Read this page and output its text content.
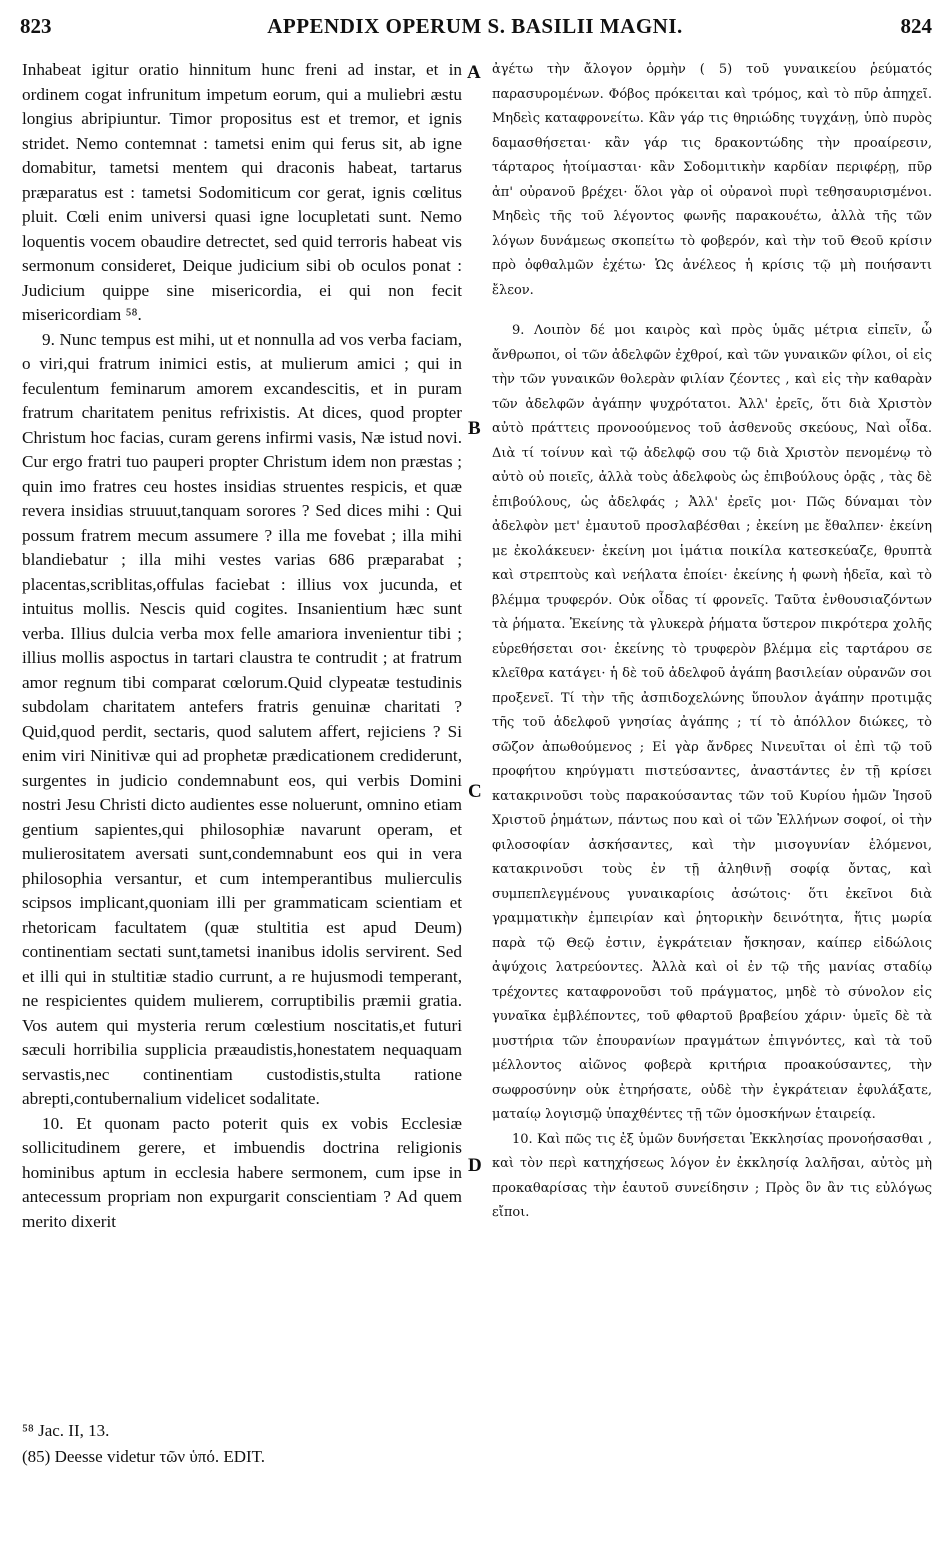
823	APPENDIX OPERUM S. BASILII MAGNI.	824

Inhabeat igitur oratio hinnitum hunc freni ad instar, et in ordinem cogat infrunitum impetum eorum, qui a muliebri æstu longius abripiuntur. Timor propositus est et tremor, et ignis stridet. Nemo contemnat : tametsi enim qui ferus sit, ab igne domabitur, tametsi mentem qui draconis habeat, tartarus præparatus est : tametsi Sodomiticum cor gerat, ignis cœlitus pluit. Cœli enim universi quasi igne locupletati sunt. Nemo loquentis vocem obaudire detrectet, sed quid terroris habeat vis sermonum consideret, Deique judicium sibi ob oculos ponat : Judicium quippe sine misericordia, ei qui non fecit misericordiam ⁵⁸.

9. Nunc tempus est mihi, ut et nonnulla ad vos verba faciam, o viri,qui fratrum inimici estis, at mulierum amici ; qui in feculentum feminarum amorem excandescitis, et in puram fratrum charitatem penitus refrixistis. At dices, quod propter Christum hoc facias, curam gerens infirmi vasis, Næ istud novi. Cur ergo fratri tuo pauperi propter Christum idem non præstas ; quin imo fratres ceu hostes insidias struentes respicis, et quæ revera insidias struuut,tanquam sorores ? Sed dices mihi : Qui possum fratrem mecum assumere ? illa me fovebat ; illa mihi blandiebatur ; illa mihi vestes varias 686 præparabat ; placentas,scriblitas,offulas faciebat : illius vox jucunda, et intuitus mollis. Nescis quid cogites. Insanientium hæc sunt verba. Illius dulcia verba mox felle amariora invenientur tibi ; illius mollis aspoctus in tartari claustra te contrudit ; at fratrum amor regnum tibi comparat cœlorum.Quid clypeatæ testudinis subdolam charitatem antefers fratris genuinæ charitati ?Quid,quod perdit, sectaris, quod salutem affert, rejiciens ? Si enim viri Ninitivæ qui ad prophetæ prædicationem crediderunt, surgentes in judicio condemnabunt eos, qui verbis Domini nostri Jesu Christi dicto audientes esse noluerunt, omnino etiam gentium sapientes,qui philosophiæ navarunt operam, et mulierositatem aversati sunt,condemnabunt eos qui in vera philosophia versantur, et cum intemperantibus mulierculis scipsos implicant,quoniam illi per grammaticam scientiam et rhetoricam facultatem (quæ stultitia est apud Deum) continentiam sectati sunt,tametsi inanibus idolis servirent. Sed et illi qui in stultitiæ stadio currunt, a re hujusmodi temperant, ne respicientes quidem mulierem, corruptibilis præmii gratia. Vos autem qui mysteria rerum cœlestium noscitatis,et futuri sæculi horribilia supplicia præaudistis,honestatem nequaquam servastis,nec continentiam custodistis,stulta ratione abrepti,contubernalium videlicet sodalitate.

10. Et quonam pacto poterit quis ex vobis Ecclesiæ sollicitudinem gerere, et imbuendis doctrina religionis hominibus aptum in ecclesia habere sermonem, cum ipse in antecessum propriam non expurgarit conscientiam ? Ad quem merito dixerit

A
B
C
D

ἀγέτω τὴν ἄλογον ὁρμὴν ( 5) τοῦ γυναικείου ῥεύματός παρασυρομένων. Φόβος πρόκειται καὶ τρόμος, καὶ τὸ πῦρ ἀπηχεῖ. Μηδεὶς καταφρονείτω. Κἂν γάρ τις θηριώδης τυγχάνῃ, ὑπὸ πυρὸς δαμασθήσεται· κἂν γάρ τις δρακοντώδης τὴν προαίρεσιν, τάρταρος ἡτοίμασται· κἂν Σοδομιτικὴν καρδίαν περιφέρῃ, πῦρ ἀπ' οὐρανοῦ βρέχει· ὅλοι γὰρ οἱ οὐρανοὶ πυρὶ τεθησαυρισμένοι. Μηδεὶς τῆς τοῦ λέγοντος φωνῆς παρακουέτω, ἀλλὰ τῆς τῶν λόγων δυνάμεως σκοπείτω τὸ φοβερόν, καὶ τὴν τοῦ Θεοῦ κρίσιν πρὸ ὀφθαλμῶν ἐχέτω· Ὡς ἀνέλεος ἡ κρίσις τῷ μὴ ποιήσαντι ἔλεον.

9. Λοιπὸν δέ μοι καιρὸς καὶ πρὸς ὑμᾶς μέτρια εἰπεῖν, ὦ ἄνθρωποι, οἱ τῶν ἀδελφῶν ἐχθροί, καὶ τῶν γυναικῶν φίλοι, οἱ εἰς τὴν τῶν γυναικῶν θολερὰν φιλίαν ζέοντες , καὶ εἰς τὴν καθαρὰν τῶν ἀδελφῶν ἀγάπην ψυχρότατοι. Ἀλλ' ἐρεῖς, ὅτι διὰ Χριστὸν αὐτὸ πράττεις προνοούμενος τοῦ ἀσθενοῦς σκεύους, Ναὶ οἶδα. Διὰ τί τοίνυν καὶ τῷ ἀδελφῷ σου τῷ διὰ Χριστὸν πενομένῳ τὸ αὐτὸ οὐ ποιεῖς, ἀλλὰ τοὺς ἀδελφοὺς ὡς ἐπιβούλους ὁρᾷς , τὰς δὲ ἐπιβούλους, ὡς ἀδελφάς ; Ἀλλ' ἐρεῖς μοι· Πῶς δύναμαι τὸν ἀδελφὸν μετ' ἐμαυτοῦ προσλαβέσθαι ; ἐκείνη με ἔθαλπεν· ἐκείνη με ἐκολάκευεν· ἐκείνη μοι ἱμάτια ποικίλα κατεσκεύαζε, θρυπτὰ καὶ στρεπτοὺς καὶ νεήλατα ἐποίει· ἐκείνης ἡ φωνὴ ἡδεῖα, καὶ τὸ βλέμμα τρυφερόν. Οὐκ οἶδας τί φρονεῖς. Ταῦτα ἐνθουσιαζόντων τὰ ῥήματα. Ἐκείνης τὰ γλυκερὰ ῥήματα ὕστερον πικρότερα χολῆς εὑρεθήσεται σοι· ἐκείνης τὸ τρυφερὸν βλέμμα εἰς ταρτάρου σε κλεῖθρα κατάγει· ἡ δὲ τοῦ ἀδελφοῦ ἀγάπη βασιλείαν οὐρανῶν σοι προξενεῖ. Τί τὴν τῆς ἀσπιδοχελώνης ὕπουλον ἀγάπην προτιμᾷς τῆς τοῦ ἀδελφοῦ γνησίας ἀγάπης ; τί τὸ ἀπόλλον διώκες, τὸ σῶζον ἀπωθούμενος ; Εἰ γὰρ ἄνδρες Νινευῖται οἱ ἐπὶ τῷ τοῦ προφήτου κηρύγματι πιστεύσαντες, ἀναστάντες ἐν τῇ κρίσει κατακρινοῦσι τοὺς παρακούσαντας τῶν τοῦ Κυρίου ἡμῶν Ἰησοῦ Χριστοῦ ῥημάτων, πάντως που καὶ οἱ τῶν Ἑλλήνων σοφοί, οἱ τὴν φιλοσοφίαν ἀσκήσαντες, καὶ τὴν μισογυνίαν ἑλόμενοι, κατακρινοῦσι τοὺς ἐν τῇ ἀληθινῇ σοφίᾳ ὄντας, καὶ συμπεπλεγμένους γυναικαρίοις ἀσώτοις· ὅτι ἐκεῖνοι διὰ γραμματικὴν ἐμπειρίαν καὶ ῥητορικὴν δεινότητα, ἥτις μωρία παρὰ τῷ Θεῷ ἐστιν, ἐγκράτειαν ἤσκησαν, καίπερ εἰδώλοις ἀψύχοις λατρεύοντες. Ἀλλὰ καὶ οἱ ἐν τῷ τῆς μανίας σταδίῳ τρέχοντες καταφρονοῦσι τοῦ πράγματος, μηδὲ τὸ σύνολον εἰς γυναῖκα ἐμβλέποντες, τοῦ φθαρτοῦ βραβείου χάριν· ὑμεῖς δὲ τὰ μυστήρια τῶν ἐπουρανίων πραγμάτων ἐπιγνόντες, καὶ τὰ τοῦ μέλλοντος αἰῶνος φοβερὰ κριτήρια προακούσαντες, τὴν σωφροσύνην οὐκ ἐτηρήσατε, οὐδὲ τὴν ἐγκράτειαν ἐφυλάξατε, ματαίῳ λογισμῷ ὑπαχθέντες τῇ τῶν ὁμοσκήνων ἑταιρείᾳ.

10. Καὶ πῶς τις ἐξ ὑμῶν δυνήσεται Ἐκκλησίας προνοήσασθαι , καὶ τὸν περὶ κατηχήσεως λόγον ἐν ἐκκλησίᾳ λαλῆσαι, αὐτὸς μὴ προκαθαρίσας τὴν ἑαυτοῦ συνείδησιν ; Πρὸς ὃν ἂν τις εὐλόγως εἴποι.

⁵⁸ Jac. II, 13.
(85) Deesse videtur τῶν ὑπό. EDIT.
